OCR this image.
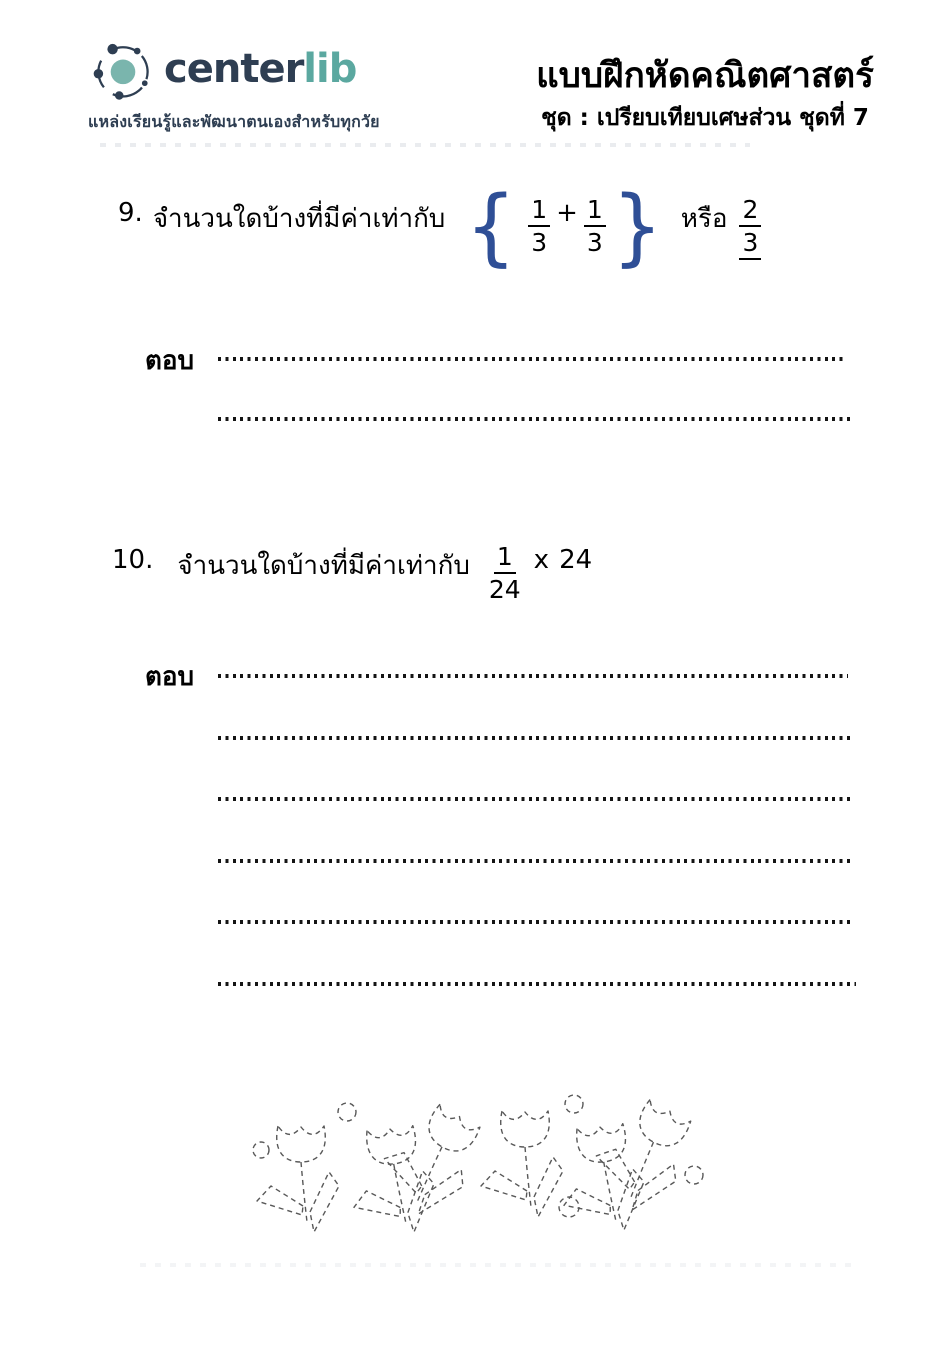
centerlib
แหล่งเรียนรู้และพัฒนาตนเองสำหรับทุกวัย
แบบฝึกหัดคณิตศาสตร์
ชุด : เปรียบเทียบเศษส่วน ชุดที่ 7
9. จำนวนใดบ้างที่มีค่าเท่ากับ { $\frac{1}{3} + \frac{1}{3}$ } หรือ $\frac{2}{3}$
ตอบ
10. จำนวนใดบ้างที่มีค่าเท่ากับ $\frac{1}{24}$ x 24
ตอบ
